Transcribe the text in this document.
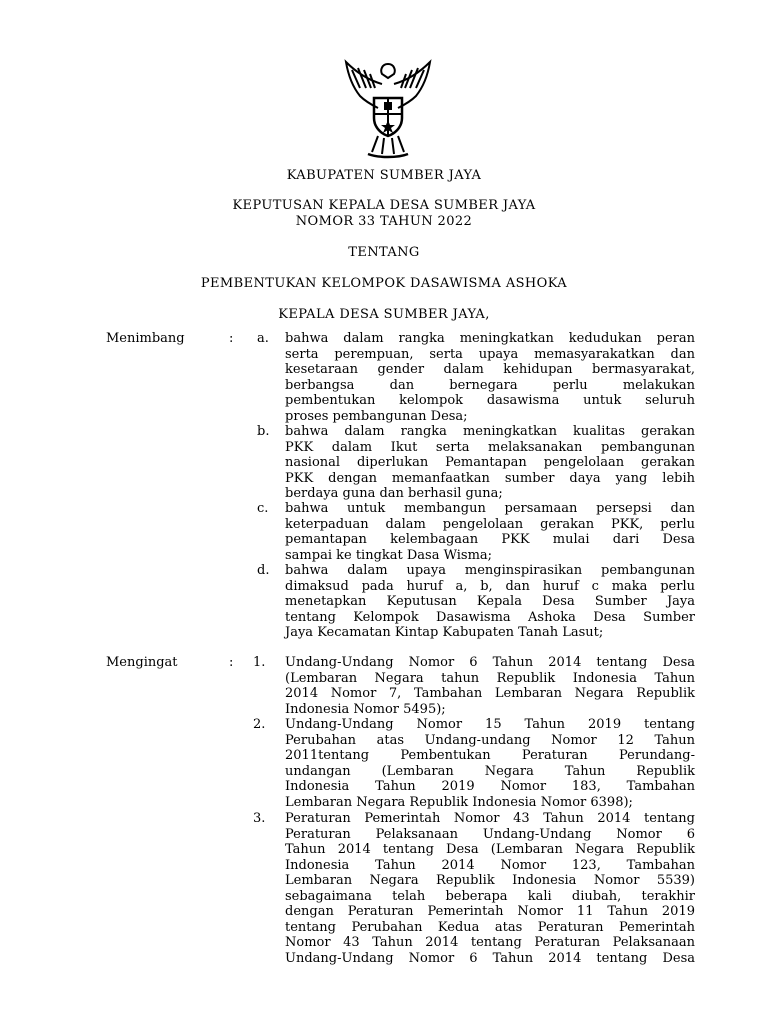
KABUPATEN SUMBER JAYA
KEPUTUSAN KEPALA DESA SUMBER JAYA
NOMOR 33 TAHUN 2022
TENTANG
PEMBENTUKAN KELOMPOK DASAWISMA ASHOKA
KEPALA DESA SUMBER JAYA,
Menimbang	: a. bahwa dalam rangka meningkatkan kedudukan peran
serta perempuan, serta upaya memasyarakatkan dan
kesetaraan gender dalam kehidupan bermasyarakat,
berbangsa dan bernegara perlu melakukan
pembentukan kelompok dasawisma untuk seluruh
proses pembangunan Desa;
b. bahwa dalam rangka meningkatkan kualitas gerakan
PKK dalam Ikut serta melaksanakan pembangunan
nasional diperlukan Pemantapan pengelolaan gerakan
PKK dengan memanfaatkan sumber daya yang lebih
berdaya guna dan berhasil guna;
c. bahwa untuk membangun persamaan persepsi dan
keterpaduan dalam pengelolaan gerakan PKK, perlu
pemantapan kelembagaan PKK mulai dari Desa
sampai ke tingkat Dasa Wisma;
d. bahwa dalam upaya menginspirasikan pembangunan
dimaksud pada huruf a, b, dan huruf c maka perlu
menetapkan Keputusan Kepala Desa Sumber Jaya
tentang Kelompok Dasawisma Ashoka Desa Sumber
Jaya Kecamatan Kintap Kabupaten Tanah Lasut;
Mengingat	: 1. Undang-Undang Nomor 6 Tahun 2014 tentang Desa
(Lembaran Negara tahun Republik Indonesia Tahun
2014 Nomor 7, Tambahan Lembaran Negara Republik
Indonesia Nomor 5495);
2. Undang-Undang Nomor 15 Tahun 2019 tentang
Perubahan atas Undang-undang Nomor 12 Tahun
2011tentang Pembentukan Peraturan Perundang-
undangan (Lembaran Negara Tahun Republik
Indonesia Tahun 2019 Nomor 183, Tambahan
Lembaran Negara Republik Indonesia Nomor 6398);
3. Peraturan Pemerintah Nomor 43 Tahun 2014 tentang
Peraturan Pelaksanaan Undang-Undang Nomor 6
Tahun 2014 tentang Desa (Lembaran Negara Republik
Indonesia Tahun 2014 Nomor 123, Tambahan
Lembaran Negara Republik Indonesia Nomor 5539)
sebagaimana telah beberapa kali diubah, terakhir
dengan Peraturan Pemerintah Nomor 11 Tahun 2019
tentang Perubahan Kedua atas Peraturan Pemerintah
Nomor 43 Tahun 2014 tentang Peraturan Pelaksanaan
Undang-Undang Nomor 6 Tahun 2014 tentang Desa
